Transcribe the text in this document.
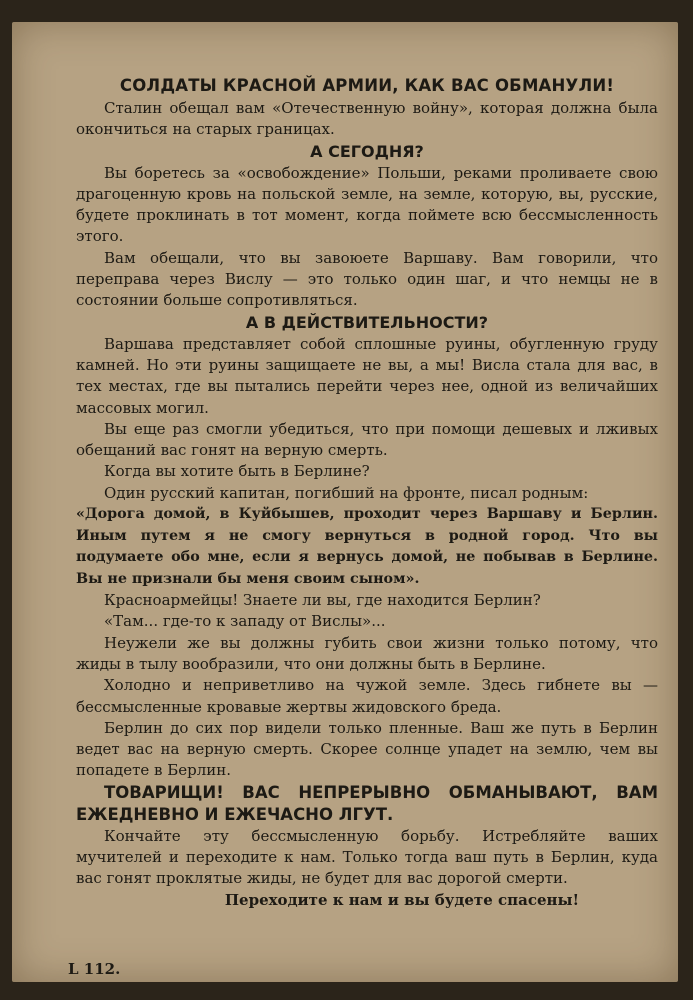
СОЛДАТЫ КРАСНОЙ АРМИИ, КАК ВАС ОБМАНУЛИ!

Сталин обещал вам «Отечественную войну», которая должна была окончиться на старых границах.

А СЕГОДНЯ?

Вы боретесь за «освобождение» Польши, реками проливаете свою драгоценную кровь на польской земле, на земле, которую, вы, русские, будете проклинать в тот момент, когда поймете всю бессмысленность этого.

Вам обещали, что вы завоюете Варшаву. Вам говорили, что переправа через Вислу — это только один шаг, и что немцы не в состоянии больше сопротивляться.

А В ДЕЙСТВИТЕЛЬНОСТИ?

Варшава представляет собой сплошные руины, обугленную груду камней. Но эти руины защищаете не вы, а мы! Висла стала для вас, в тех местах, где вы пытались перейти через нее, одной из величайших массовых могил.

Вы еще раз смогли убедиться, что при помощи дешевых и лживых обещаний вас гонят на верную смерть.

Когда вы хотите быть в Берлине?

Один русский капитан, погибший на фронте, писал родным:

«Дорога домой, в Куйбышев, проходит через Варшаву и Берлин. Иным путем я не смогу вернуться в родной город. Что вы подумаете обо мне, если я вернусь домой, не побывав в Берлине. Вы не признали бы меня своим сыном».

Красноармейцы! Знаете ли вы, где находится Берлин?

«Там... где-то к западу от Вислы»...

Неужели же вы должны губить свои жизни только потому, что жиды в тылу вообразили, что они должны быть в Берлине.

Холодно и неприветливо на чужой земле. Здесь гибнете вы — бессмысленные кровавые жертвы жидовского бреда.

Берлин до сих пор видели только пленные. Ваш же путь в Берлин ведет вас на верную смерть. Скорее солнце упадет на землю, чем вы попадете в Берлин.

ТОВАРИЩИ! ВАС НЕПРЕРЫВНО ОБМАНЫВАЮТ, ВАМ ЕЖЕДНЕВНО И ЕЖЕЧАСНО ЛГУТ.

Кончайте эту бессмысленную борьбу. Истребляйте ваших мучителей и переходите к нам. Только тогда ваш путь в Берлин, куда вас гонят проклятые жиды, не будет для вас дорогой смерти.

Переходите к нам и вы будете спасены!

L 112.
